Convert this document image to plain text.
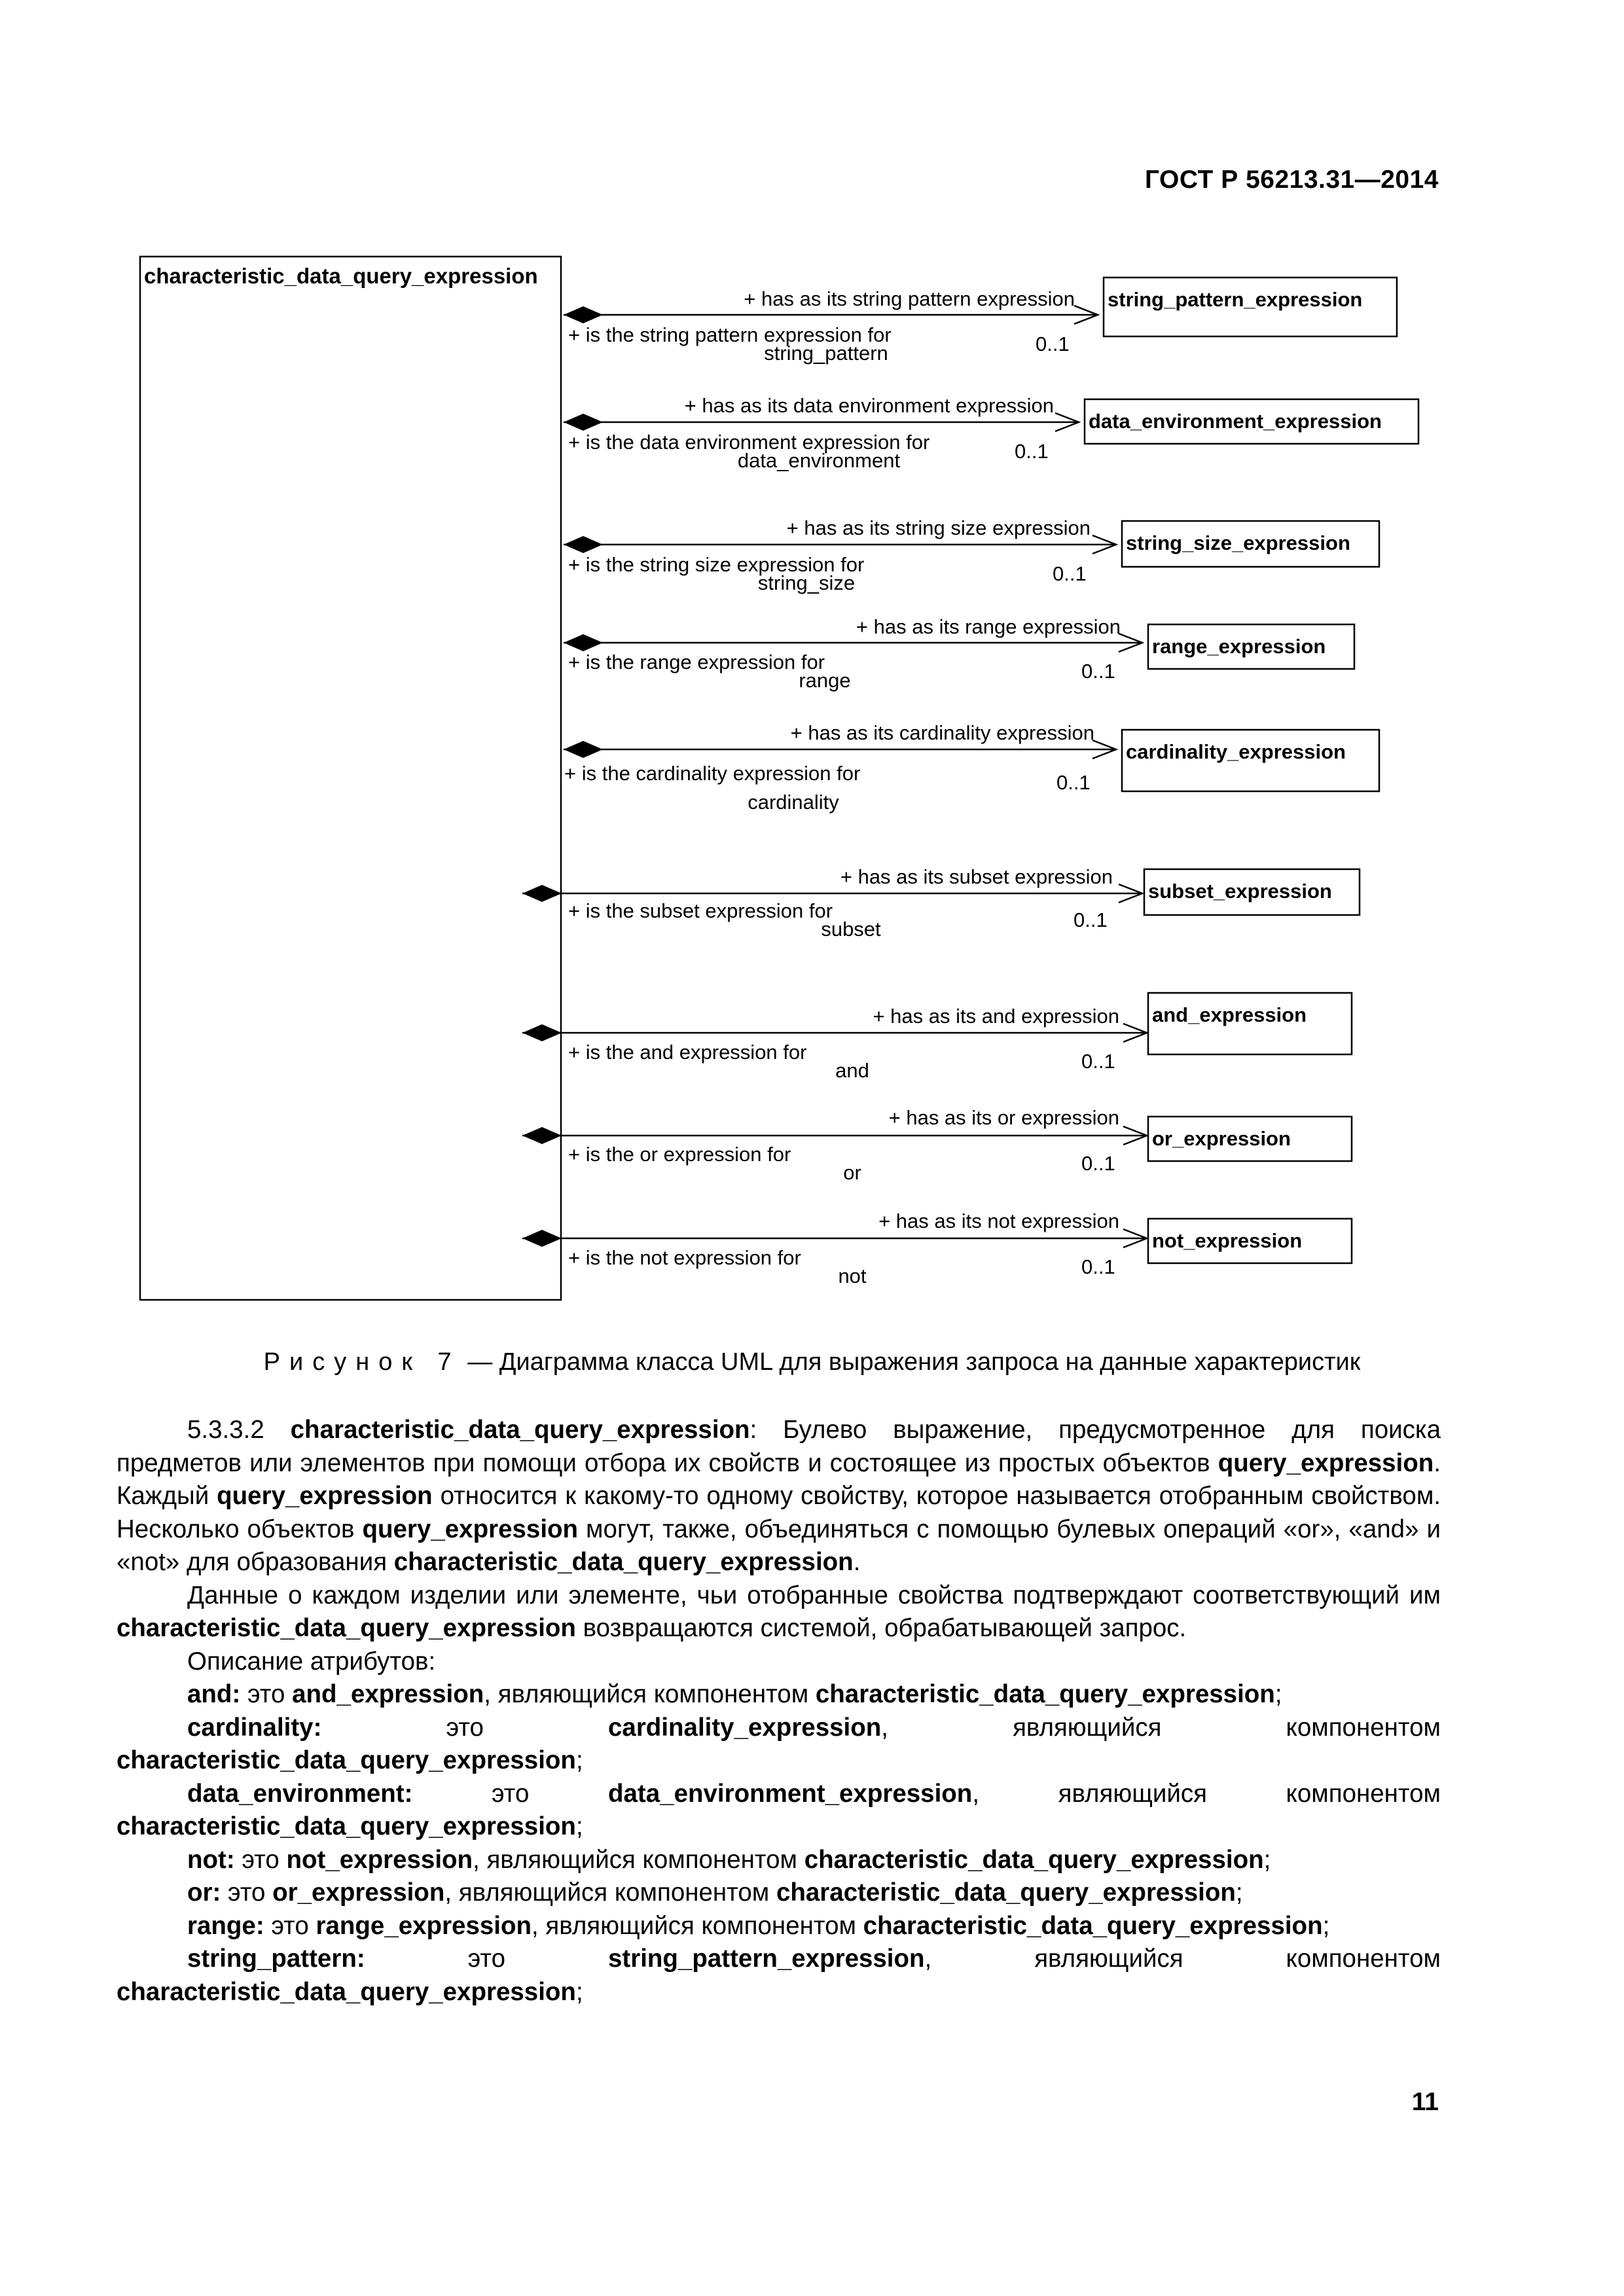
ГОСТ Р 56213.31—2014
characteristic_data_query_expression
string_pattern_expression
+ has as its string pattern expression
+ is the string pattern expression for
string_pattern	0..1
data_environment_expression
+ has as its data environment expression
+ is the data environment expression for
data_environment	0..1
string_size_expression
+ has as its string size expression
+ is the string size expression for
string_size	0..1
range_expression
+ has as its range expression
+ is the range expression for
range	0..1
cardinality_expression
+ has as its cardinality expression
+ is the cardinality expression for
cardinality
0..1
subset_expression
+ has as its subset expression
+ is the subset expression for
subset	0..1
and_expression
+ has as its and expression
+ is the and expression for
and	0..1
or_expression
+ has as its or expression
+ is the or expression for
or	0..1
not_expression
+ has as its not expression
+ is the not expression for
not	0..1
Рисунок 7 — Диаграмма класса UML для выражения запроса на данные характеристик

5.3.3.2 characteristic_data_query_expression: Булево выражение, предусмотренное для поиска предметов или элементов при помощи отбора их свойств и состоящее из простых объектов query_expression. Каждый query_expression относится к какому-то одному свойству, которое называется отобранным свойством. Несколько объектов query_expression могут, также, объединяться с помощью булевых операций «or», «and» и «not» для образования characteristic_data_query_expression.

Данные о каждом изделии или элементе, чьи отобранные свойства подтверждают соответствующий им characteristic_data_query_expression возвращаются системой, обрабатывающей запрос.

Описание атрибутов:

and: это and_expression, являющийся компонентом characteristic_data_query_expression;

cardinality: это cardinality_expression, являющийся компонентом characteristic_data_query_expression;

data_environment: это data_environment_expression, являющийся компонентом characteristic_data_query_expression;

not: это not_expression, являющийся компонентом characteristic_data_query_expression;

or: это or_expression, являющийся компонентом characteristic_data_query_expression;

range: это range_expression, являющийся компонентом characteristic_data_query_expression;

string_pattern: это string_pattern_expression, являющийся компонентом characteristic_data_query_expression;

11
